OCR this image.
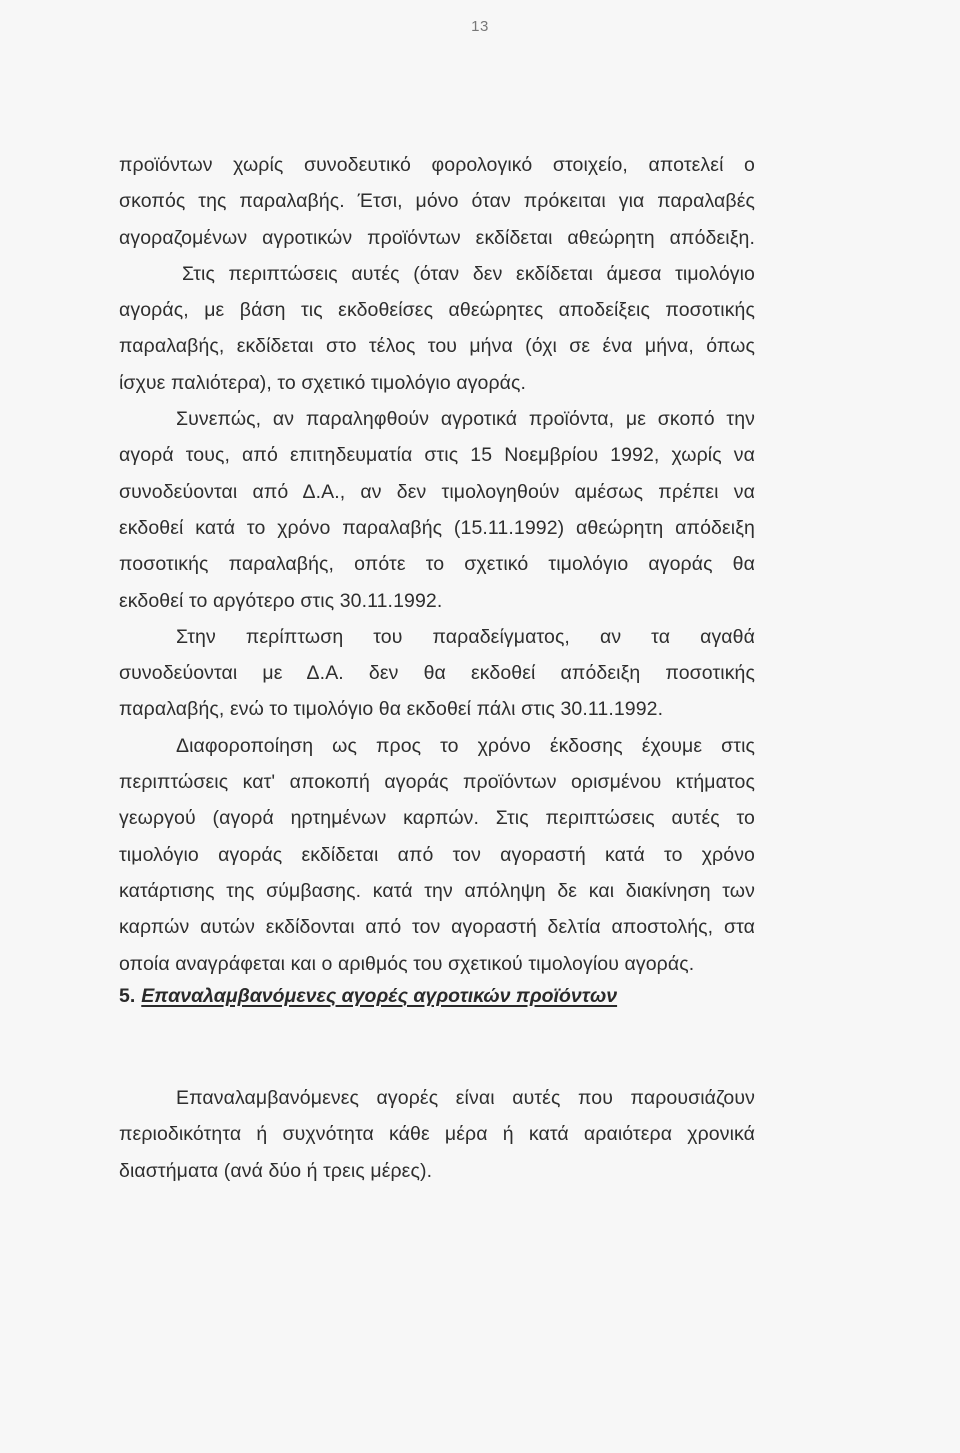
13
προϊόντων χωρίς συνοδευτικό φορολογικό στοιχείο, αποτελεί ο
σκοπός της παραλαβής. Έτσι, μόνο όταν πρόκειται για παραλαβές
αγοραζομένων αγροτικών προϊόντων εκδίδεται αθεώρητη απόδειξη.
Στις περιπτώσεις αυτές (όταν δεν εκδίδεται άμεσα τιμολόγιο
αγοράς, με βάση τις εκδοθείσες αθεώρητες αποδείξεις ποσοτικής
παραλαβής, εκδίδεται στο τέλος του μήνα (όχι σε ένα μήνα, όπως
ίσχυε παλιότερα), το σχετικό τιμολόγιο αγοράς.
Συνεπώς, αν παραληφθούν αγροτικά προϊόντα, με σκοπό την
αγορά τους, από επιτηδευματία στις 15 Νοεμβρίου 1992, χωρίς να
συνοδεύονται από Δ.Α., αν δεν τιμολογηθούν αμέσως πρέπει να
εκδοθεί κατά το χρόνο παραλαβής (15.11.1992) αθεώρητη απόδειξη
ποσοτικής παραλαβής, οπότε το σχετικό τιμολόγιο αγοράς θα
εκδοθεί το αργότερο στις 30.11.1992.
Στην περίπτωση του παραδείγματος, αν τα αγαθά
συνοδεύονται με Δ.Α. δεν θα εκδοθεί απόδειξη ποσοτικής
παραλαβής, ενώ το τιμολόγιο θα εκδοθεί πάλι στις 30.11.1992.
Διαφοροποίηση ως προς το χρόνο έκδοσης έχουμε στις
περιπτώσεις κατ' αποκοπή αγοράς προϊόντων ορισμένου κτήματος
γεωργού (αγορά ηρτημένων καρπών. Στις περιπτώσεις αυτές το
τιμολόγιο αγοράς εκδίδεται από τον αγοραστή κατά το χρόνο
κατάρτισης της σύμβασης. κατά την απόληψη δε και διακίνηση των
καρπών αυτών εκδίδονται από τον αγοραστή δελτία αποστολής, στα
οποία αναγράφεται και ο αριθμός του σχετικού τιμολογίου αγοράς.
5. Επαναλαμβανόμενες αγορές αγροτικών προϊόντων
Επαναλαμβανόμενες αγορές είναι αυτές που παρουσιάζουν
περιοδικότητα ή συχνότητα κάθε μέρα ή κατά αραιότερα χρονικά
διαστήματα (ανά δύο ή τρεις μέρες).
